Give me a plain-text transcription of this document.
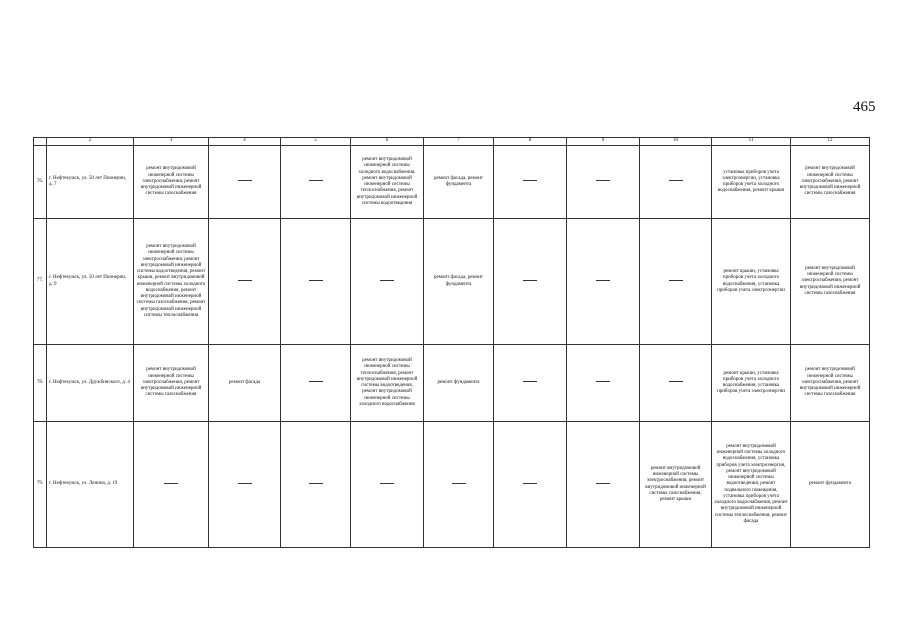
465
	2	3	4	5	6	7	8	9	10	11	12
76.	г. Нефтекумск, ул. 50 лет Пионерии, д. 7	ремонт внутридомовой инженерной системы электроснабжения, ремонт внутридомовой инженерной системы газоснабжения			ремонт внутридомовой инженерной системы холодного водоснабжения, ремонт внутридомовой инженерной системы теплоснабжения, ремонт внутридомовой инженерной системы водоотведения	ремонт фасада, ремонт фундамента				установка приборов учета электроэнергии, установка приборов учета холодного водоснабжения, ремонт крыши	ремонт внутридомовой инженерной системы электроснабжения, ремонт внутридомовой инженерной системы газоснабжения
77.	г. Нефтекумск, ул. 50 лет Пионерии, д. 9	ремонт внутридомовой инженерной системы электроснабжения, ремонт внутридомовой инженерной системы водоотведения, ремонт крыши, ремонт внутридомовой инженерной системы холодного водоснабжения, ремонт внутридомовой инженерной системы газоснабжения, ремонт внутридомовой инженерной системы теплоснабжения				ремонт фасада, ремонт фундамента				ремонт крыши, установка приборов учета холодного водоснабжения, установка приборов учета электроэнергии	ремонт внутридомовой инженерной системы электроснабжения, ремонт внутридомовой инженерной системы газоснабжения
78.	г. Нефтекумск, ул. Дружбинского, д. 4	ремонт внутридомовой инженерной системы электроснабжения, ремонт внутридомовой инженерной системы газоснабжения	ремонт фасада		ремонт внутридомовой инженерной системы теплоснабжения, ремонт внутридомовой инженерной системы водоотведения, ремонт внутридомовой инженерной системы холодного водоснабжения	ремонт фундамента				ремонт крыши, установка приборов учета холодного водоснабжения, установка приборов учета электроэнергии	ремонт внутридомовой инженерной системы электроснабжения, ремонт внутридомовой инженерной системы газоснабжения
79.	г. Нефтекумск, ул. Ленина, д. 19								ремонт внутридомовой инженерной системы электроснабжения, ремонт внутридомовой инженерной системы газоснабжения, ремонт крыши	ремонт внутридомовой инженерной системы холодного водоснабжения, установка приборов учета электроэнергии, ремонт внутридомовой инженерной системы водоотведения, ремонт подвального помещения, установка приборов учета холодного водоснабжения, ремонт внутридомовой инженерной системы теплоснабжения, ремонт фасада	ремонт фундамента
